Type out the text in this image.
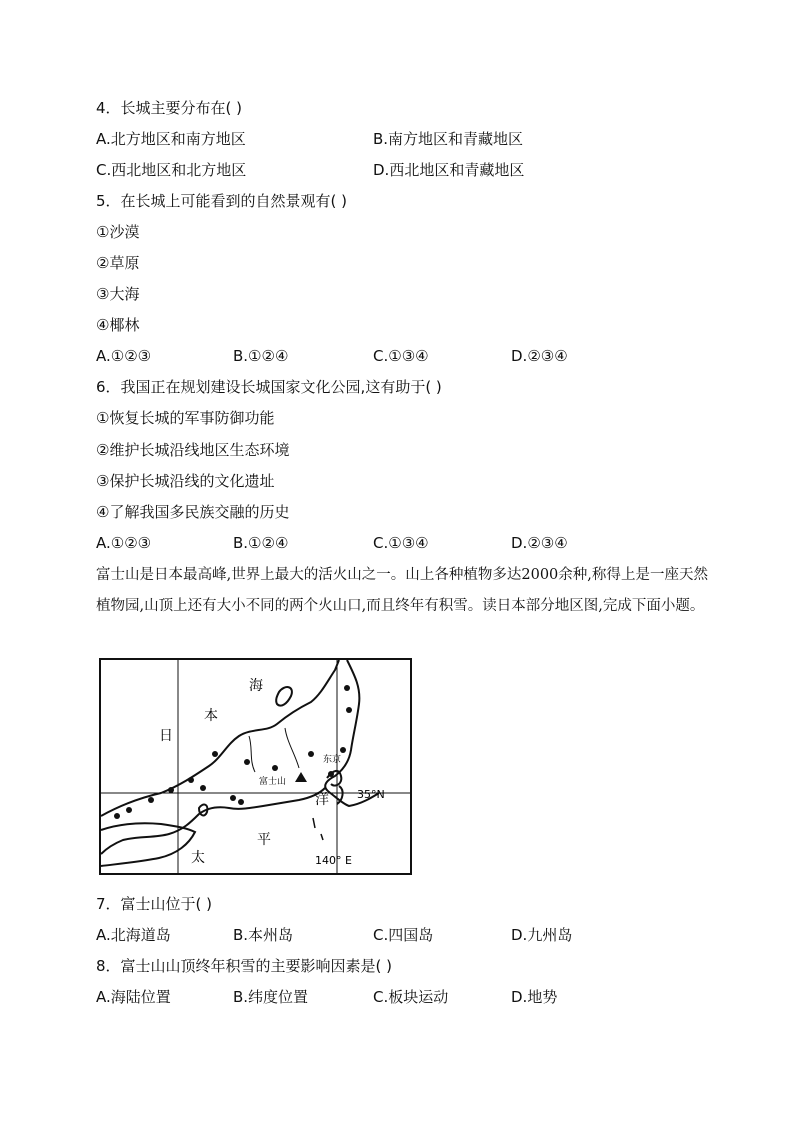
4．长城主要分布在( )
A.北方地区和南方地区	B.南方地区和青藏地区
C.西北地区和北方地区	D.西北地区和青藏地区
5．在长城上可能看到的自然景观有( )
①沙漠
②草原
③大海
④椰林
A.①②③	B.①②④	C.①③④	D.②③④
6．我国正在规划建设长城国家文化公园,这有助于( )
①恢复长城的军事防御功能
②维护长城沿线地区生态环境
③保护长城沿线的文化遗址
④了解我国多民族交融的历史
A.①②③	B.①②④	C.①③④	D.②③④
富士山是日本最高峰,世界上最大的活火山之一。山上各种植物多达2000余种,称得上是一座天然植物园,山顶上还有大小不同的两个火山口,而且终年有积雪。读日本部分地区图,完成下面小题。
海
本
日
洋
平
太
富士山
东京
35°N
140° E
7．富士山位于( )
A.北海道岛	B.本州岛	C.四国岛	D.九州岛
8．富士山山顶终年积雪的主要影响因素是( )
A.海陆位置	B.纬度位置	C.板块运动	D.地势
